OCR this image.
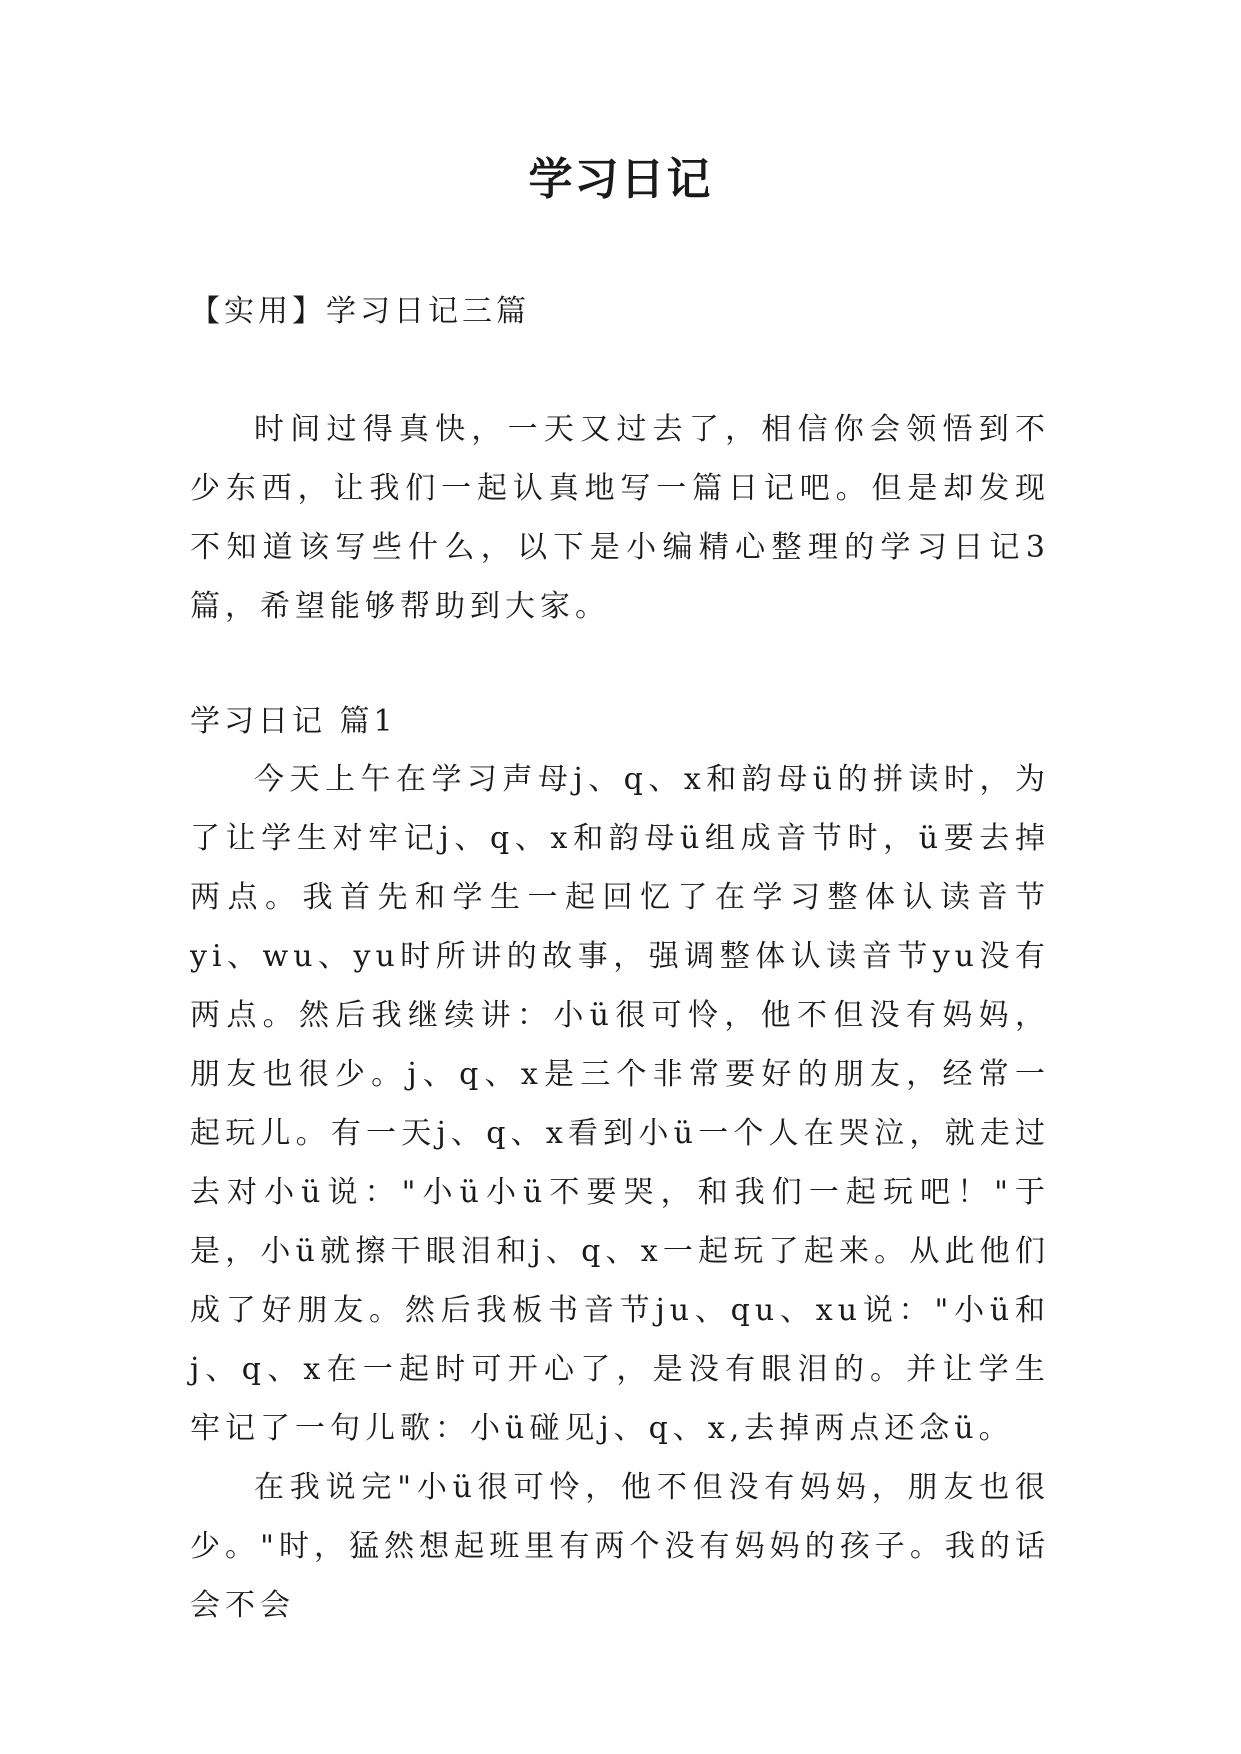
学习日记
【实用】学习日记三篇

时间过得真快，一天又过去了，相信你会领悟到不少东西，让我们一起认真地写一篇日记吧。但是却发现不知道该写些什么，以下是小编精心整理的学习日记3篇，希望能够帮助到大家。

学习日记 篇1

今天上午在学习声母j、q、x和韵母ü的拼读时，为了让学生对牢记j、q、x和韵母ü组成音节时，ü要去掉两点。我首先和学生一起回忆了在学习整体认读音节yi、wu、yu时所讲的故事，强调整体认读音节yu没有两点。然后我继续讲：小ü很可怜，他不但没有妈妈，朋友也很少。j、q、x是三个非常要好的朋友，经常一起玩儿。有一天j、q、x看到小ü一个人在哭泣，就走过去对小ü说："小ü小ü不要哭，和我们一起玩吧！"于是，小ü就擦干眼泪和j、q、x一起玩了起来。从此他们成了好朋友。然后我板书音节ju、qu、xu说："小ü和j、q、x在一起时可开心了，是没有眼泪的。并让学生牢记了一句儿歌：小ü碰见j、q、x,去掉两点还念ü。

在我说完"小ü很可怜，他不但没有妈妈，朋友也很少。"时，猛然想起班里有两个没有妈妈的孩子。我的话会不会
